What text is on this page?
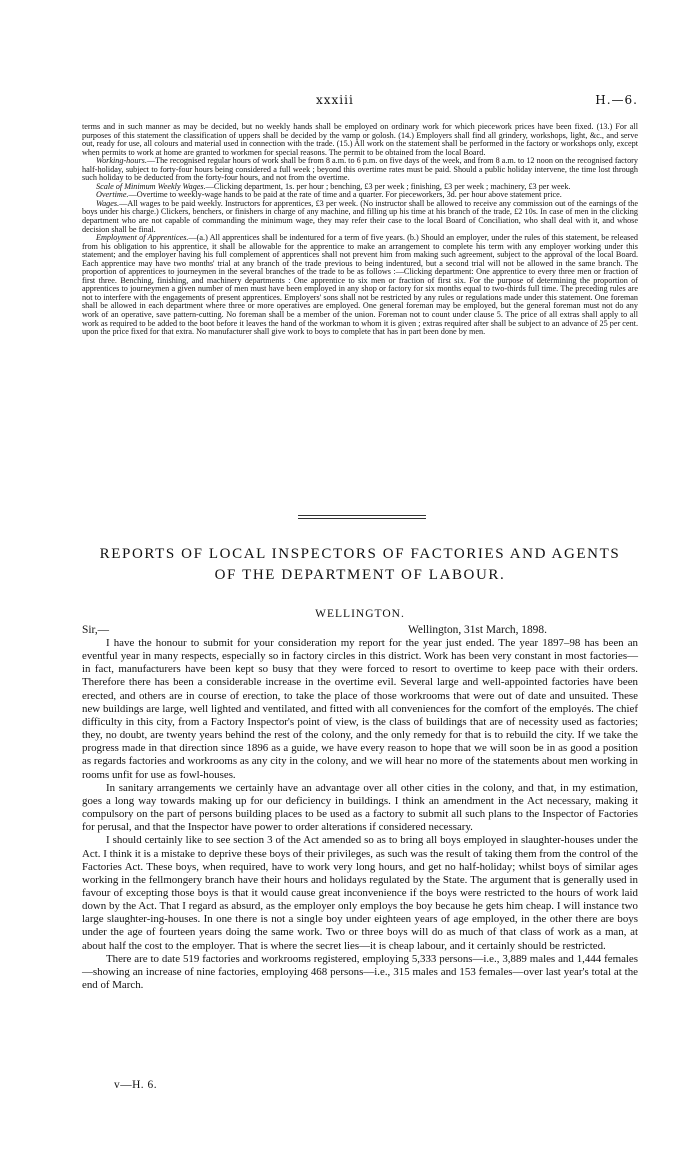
xxxiii	H.—6.

terms and in such manner as may be decided, but no weekly hands shall be employed on ordinary work for which piecework prices have been fixed. (13.) For all purposes of this statement the classification of uppers shall be decided by the vamp or golosh. (14.) Employers shall find all grindery, workshops, light, &c., and serve out, ready for use, all colours and material used in connection with the trade. (15.) All work on the statement shall be performed in the factory or workshops only, except when permits to work at home are granted to workmen for special reasons. The permit to be obtained from the local Board.

Working-hours.—The recognised regular hours of work shall be from 8 a.m. to 6 p.m. on five days of the week, and from 8 a.m. to 12 noon on the recognised factory half-holiday, subject to forty-four hours being considered a full week ; beyond this overtime rates must be paid. Should a public holiday intervene, the time lost through such holiday to be deducted from the forty-four hours, and not from the overtime.

Scale of Minimum Weekly Wages.—Clicking department, 1s. per hour ; benching, £3 per week ; finishing, £3 per week ; machinery, £3 per week.

Overtime.—Overtime to weekly-wage hands to be paid at the rate of time and a quarter. For pieceworkers, 3d. per hour above statement price.

Wages.—All wages to be paid weekly. Instructors for apprentices, £3 per week. (No instructor shall be allowed to receive any commission out of the earnings of the boys under his charge.) Clickers, benchers, or finishers in charge of any machine, and filling up his time at his branch of the trade, £2 10s. In case of men in the clicking department who are not capable of commanding the minimum wage, they may refer their case to the local Board of Conciliation, who shall deal with it, and whose decision shall be final.

Employment of Apprentices.—(a.) All apprentices shall be indentured for a term of five years. (b.) Should an employer, under the rules of this statement, be released from his obligation to his apprentice, it shall be allowable for the apprentice to make an arrangement to complete his term with any employer working under this statement; and the employer having his full complement of apprentices shall not prevent him from making such agreement, subject to the approval of the local Board. Each apprentice may have two months' trial at any branch of the trade previous to being indentured, but a second trial will not be allowed in the same branch. The proportion of apprentices to journeymen in the several branches of the trade to be as follows :—Clicking department: One apprentice to every three men or fraction of first three. Benching, finishing, and machinery departments : One apprentice to six men or fraction of first six. For the purpose of determining the proportion of apprentices to journeymen a given number of men must have been employed in any shop or factory for six months equal to two-thirds full time. The preceding rules are not to interfere with the engagements of present apprentices. Employers' sons shall not be restricted by any rules or regulations made under this statement. One foreman shall be allowed in each department where three or more operatives are employed. One general foreman may be employed, but the general foreman must not do any work of an operative, save pattern-cutting. No foreman shall be a member of the union. Foreman not to count under clause 5. The price of all extras shall apply to all work as required to be added to the boot before it leaves the hand of the workman to whom it is given ; extras required after shall be subject to an advance of 25 per cent. upon the price fixed for that extra. No manufacturer shall give work to boys to complete that has in part been done by men.

REPORTS OF LOCAL INSPECTORS OF FACTORIES AND AGENTS
OF THE DEPARTMENT OF LABOUR.
WELLINGTON.
Sir,—	Wellington, 31st March, 1898.

I have the honour to submit for your consideration my report for the year just ended. The year 1897–98 has been an eventful year in many respects, especially so in factory circles in this district. Work has been very constant in most factories—in fact, manufacturers have been kept so busy that they were forced to resort to overtime to keep pace with their orders. Therefore there has been a considerable increase in the overtime evil. Several large and well-appointed factories have been erected, and others are in course of erection, to take the place of those workrooms that were out of date and unsuited. These new buildings are large, well lighted and ventilated, and fitted with all conveniences for the comfort of the employés. The chief difficulty in this city, from a Factory Inspector's point of view, is the class of buildings that are of necessity used as factories; they, no doubt, are twenty years behind the rest of the colony, and the only remedy for that is to rebuild the city. If we take the progress made in that direction since 1896 as a guide, we have every reason to hope that we will soon be in as good a position as regards factories and workrooms as any city in the colony, and we will hear no more of the statements about men working in rooms unfit for use as fowl-houses.

In sanitary arrangements we certainly have an advantage over all other cities in the colony, and that, in my estimation, goes a long way towards making up for our deficiency in buildings. I think an amendment in the Act necessary, making it compulsory on the part of persons building places to be used as a factory to submit all such plans to the Inspector of Factories for perusal, and that the Inspector have power to order alterations if considered necessary.

I should certainly like to see section 3 of the Act amended so as to bring all boys employed in slaughter-houses under the Act. I think it is a mistake to deprive these boys of their privileges, as such was the result of taking them from the control of the Factories Act. These boys, when required, have to work very long hours, and get no half-holiday; whilst boys of similar ages working in the fellmongery branch have their hours and holidays regulated by the State. The argument that is generally used in favour of excepting those boys is that it would cause great inconvenience if the boys were restricted to the hours of work laid down by the Act. That I regard as absurd, as the employer only employs the boy because he gets him cheap. I will instance two large slaughter-ing-houses. In one there is not a single boy under eighteen years of age employed, in the other there are boys under the age of fourteen years doing the same work. Two or three boys will do as much of that class of work as a man, at about half the cost to the employer. That is where the secret lies—it is cheap labour, and it certainly should be restricted.

There are to date 519 factories and workrooms registered, employing 5,333 persons—i.e., 3,889 males and 1,444 females—showing an increase of nine factories, employing 468 persons—i.e., 315 males and 153 females—over last year's total at the end of March.

v—H. 6.
